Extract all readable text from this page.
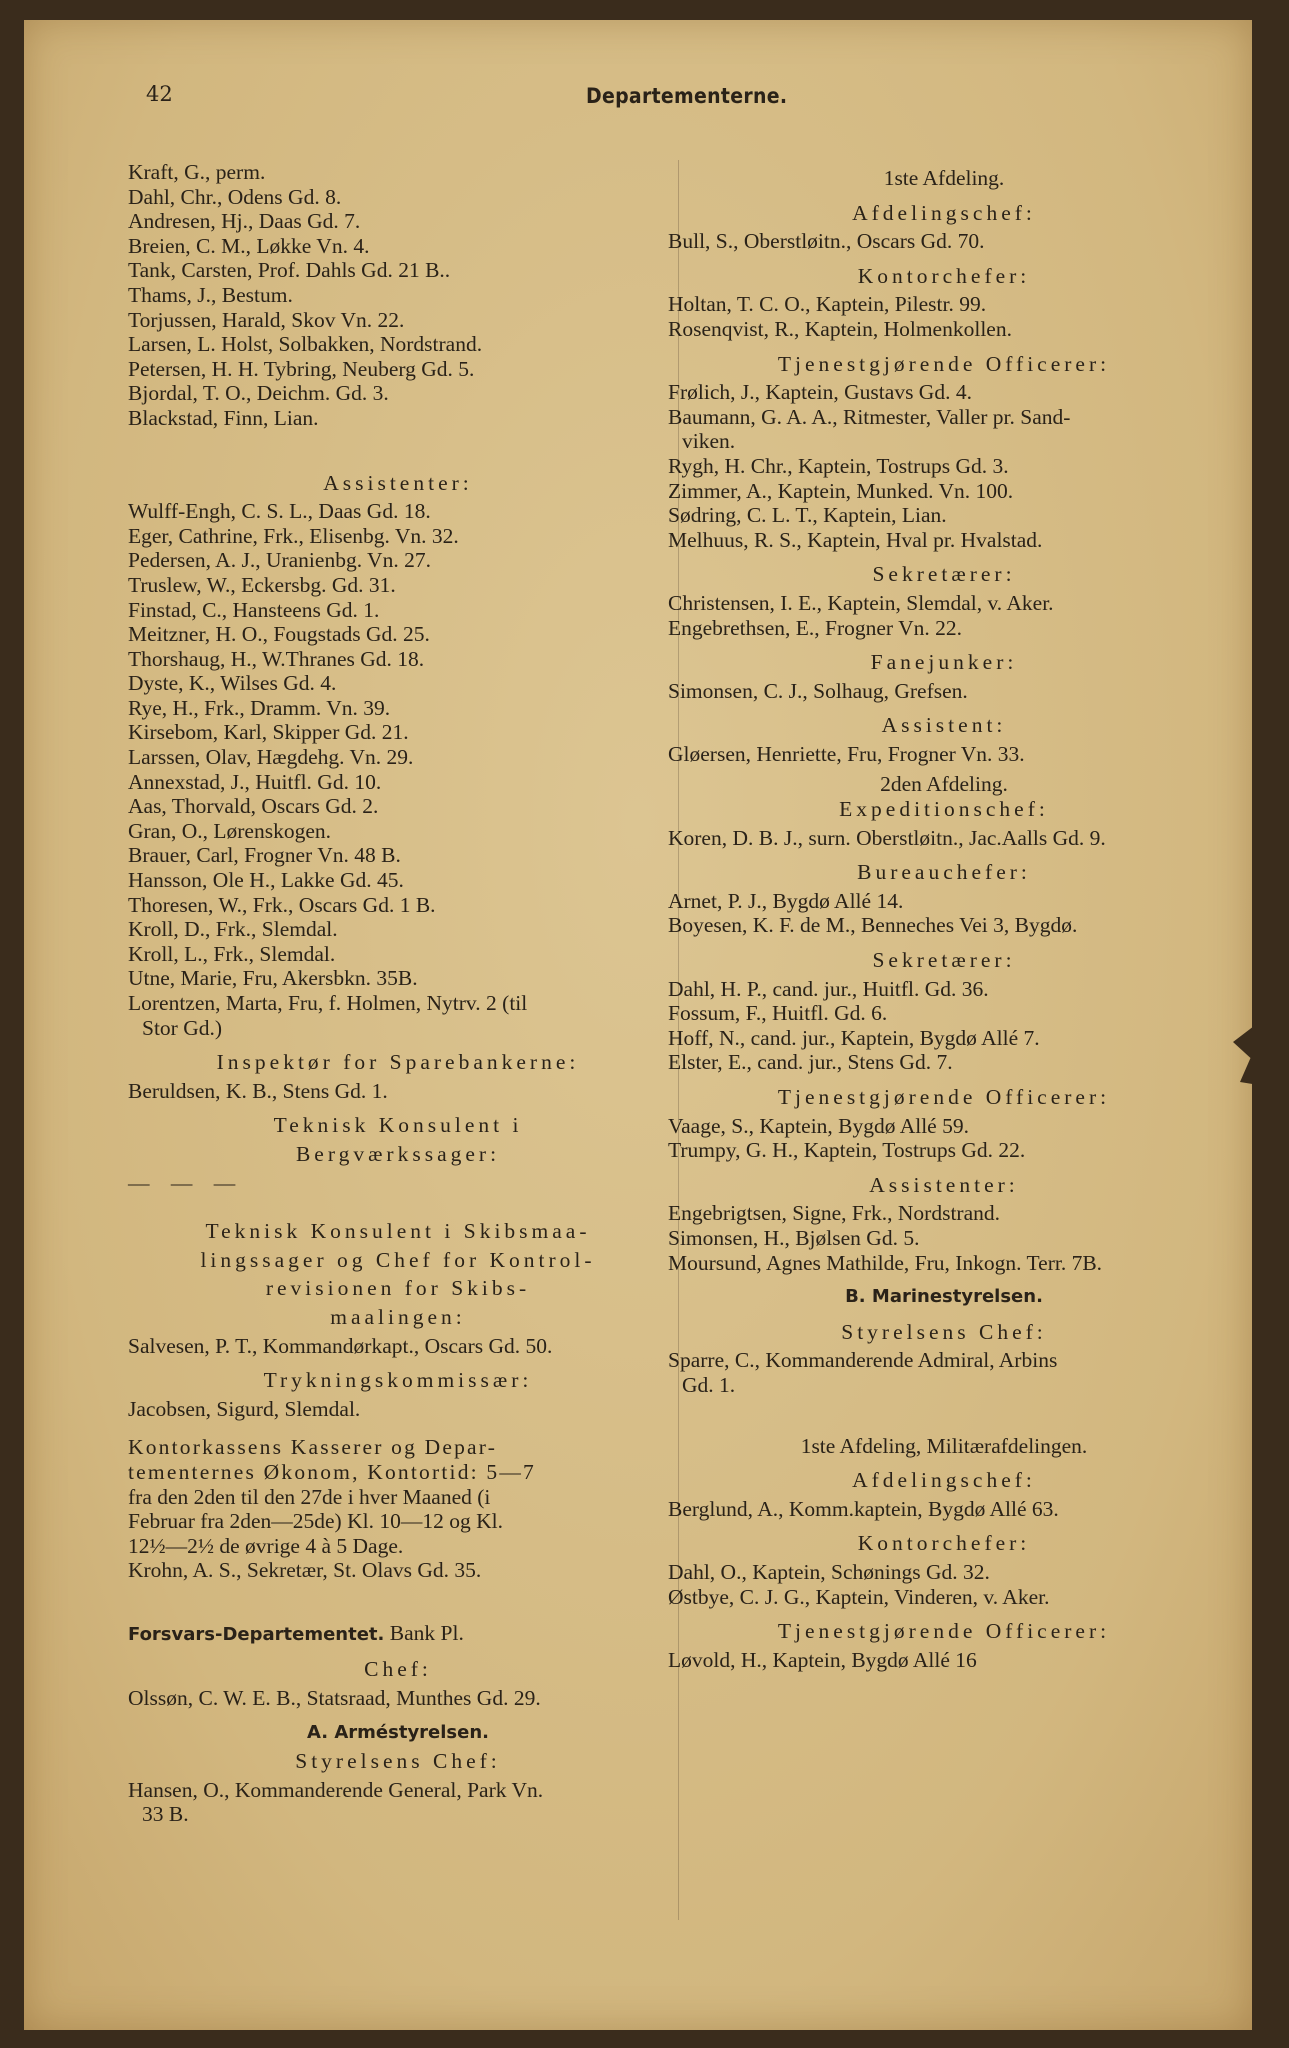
42	Departementerne.
Kraft, G., perm.
Dahl, Chr., Odens Gd. 8.
Andresen, Hj., Daas Gd. 7.
Breien, C. M., Løkke Vn. 4.
Tank, Carsten, Prof. Dahls Gd. 21 B..
Thams, J., Bestum.
Torjussen, Harald, Skov Vn. 22.
Larsen, L. Holst, Solbakken, Nordstrand.
Petersen, H. H. Tybring, Neuberg Gd. 5.
Bjordal, T. O., Deichm. Gd. 3.
Blackstad, Finn, Lian.
Assistenter:
Wulff-Engh, C. S. L., Daas Gd. 18.
Eger, Cathrine, Frk., Elisenbg. Vn. 32.
Pedersen, A. J., Uranienbg. Vn. 27.
Truslew, W., Eckersbg. Gd. 31.
Finstad, C., Hansteens Gd. 1.
Meitzner, H. O., Fougstads Gd. 25.
Thorshaug, H., W.Thranes Gd. 18.
Dyste, K., Wilses Gd. 4.
Rye, H., Frk., Dramm. Vn. 39.
Kirsebom, Karl, Skipper Gd. 21.
Larssen, Olav, Hægdehg. Vn. 29.
Annexstad, J., Huitfl. Gd. 10.
Aas, Thorvald, Oscars Gd. 2.
Gran, O., Lørenskogen.
Brauer, Carl, Frogner Vn. 48 B.
Hansson, Ole H., Lakke Gd. 45.
Thoresen, W., Frk., Oscars Gd. 1 B.
Kroll, D., Frk., Slemdal.
Kroll, L., Frk., Slemdal.
Utne, Marie, Fru, Akersbkn. 35B.
Lorentzen, Marta, Fru, f. Holmen, Nytrv. 2 (til
Stor Gd.)
Inspektør for Sparebankerne:
Beruldsen, K. B., Stens Gd. 1.
Teknisk Konsulent i
Bergværkssager:
— — —
Teknisk Konsulent i Skibsmaa-
lingssager og Chef for Kontrol-
revisionen for Skibs-
maalingen:
Salvesen, P. T., Kommandørkapt., Oscars Gd. 50.
Trykningskommissær:
Jacobsen, Sigurd, Slemdal.
Kontorkassens Kasserer og Depar-
tementernes Økonom, Kontortid: 5—7
fra den 2den til den 27de i hver Maaned (i
Februar fra 2den—25de) Kl. 10—12 og Kl.
12½—2½ de øvrige 4 à 5 Dage.
Krohn, A. S., Sekretær, St. Olavs Gd. 35.
Forsvars-Departementet. Bank Pl.
Chef:
Olssøn, C. W. E. B., Statsraad, Munthes Gd. 29.
A. Arméstyrelsen.
Styrelsens Chef:
Hansen, O., Kommanderende General, Park Vn.
33 B.
1ste Afdeling.
Afdelingschef:
Bull, S., Oberstløitn., Oscars Gd. 70.
Kontorchefer:
Holtan, T. C. O., Kaptein, Pilestr. 99.
Rosenqvist, R., Kaptein, Holmenkollen.
Tjenestgjørende Officerer:
Frølich, J., Kaptein, Gustavs Gd. 4.
Baumann, G. A. A., Ritmester, Valler pr. Sand-
viken.
Rygh, H. Chr., Kaptein, Tostrups Gd. 3.
Zimmer, A., Kaptein, Munked. Vn. 100.
Sødring, C. L. T., Kaptein, Lian.
Melhuus, R. S., Kaptein, Hval pr. Hvalstad.
Sekretærer:
Christensen, I. E., Kaptein, Slemdal, v. Aker.
Engebrethsen, E., Frogner Vn. 22.
Fanejunker:
Simonsen, C. J., Solhaug, Grefsen.
Assistent:
Gløersen, Henriette, Fru, Frogner Vn. 33.
2den Afdeling.
Expeditionschef:
Koren, D. B. J., surn. Oberstløitn., Jac.Aalls Gd. 9.
Bureauchefer:
Arnet, P. J., Bygdø Allé 14.
Boyesen, K. F. de M., Benneches Vei 3, Bygdø.
Sekretærer:
Dahl, H. P., cand. jur., Huitfl. Gd. 36.
Fossum, F., Huitfl. Gd. 6.
Hoff, N., cand. jur., Kaptein, Bygdø Allé 7.
Elster, E., cand. jur., Stens Gd. 7.
Tjenestgjørende Officerer:
Vaage, S., Kaptein, Bygdø Allé 59.
Trumpy, G. H., Kaptein, Tostrups Gd. 22.
Assistenter:
Engebrigtsen, Signe, Frk., Nordstrand.
Simonsen, H., Bjølsen Gd. 5.
Moursund, Agnes Mathilde, Fru, Inkogn. Terr. 7B.
B. Marinestyrelsen.
Styrelsens Chef:
Sparre, C., Kommanderende Admiral, Arbins
Gd. 1.
1ste Afdeling, Militærafdelingen.
Afdelingschef:
Berglund, A., Komm.kaptein, Bygdø Allé 63.
Kontorchefer:
Dahl, O., Kaptein, Schønings Gd. 32.
Østbye, C. J. G., Kaptein, Vinderen, v. Aker.
Tjenestgjørende Officerer:
Løvold, H., Kaptein, Bygdø Allé 16
